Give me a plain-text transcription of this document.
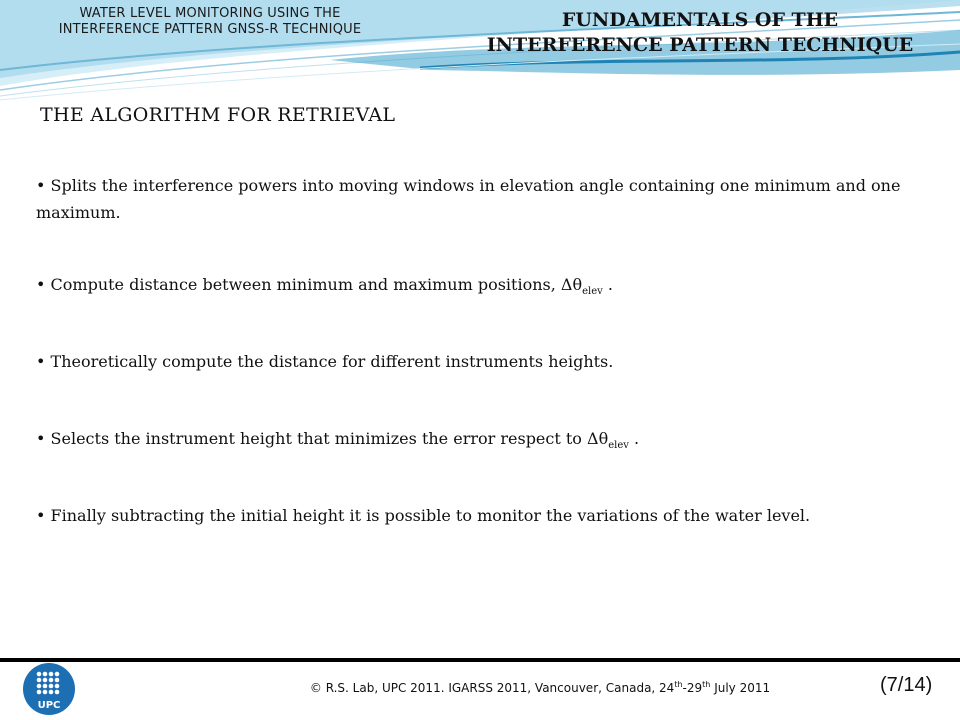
WATER LEVEL MONITORING USING THE
INTERFERENCE PATTERN GNSS-R TECHNIQUE	FUNDAMENTALS OF THE
INTERFERENCE PATTERN TECHNIQUE
THE ALGORITHM FOR RETRIEVAL
• Splits the interference powers into moving windows in elevation angle containing one minimum and one maximum.
• Compute distance between minimum and maximum positions, $\Delta\theta_{elev}$ .
• Theoretically compute the distance for different instruments heights.
• Selects the instrument height that minimizes the error respect to $\Delta\theta_{elev}$ .
• Finally subtracting the initial height it is possible to monitor the variations of the water level.
UPC
© R.S. Lab, UPC 2011. IGARSS 2011, Vancouver, Canada, 24th-29th July 2011	(7/14)
